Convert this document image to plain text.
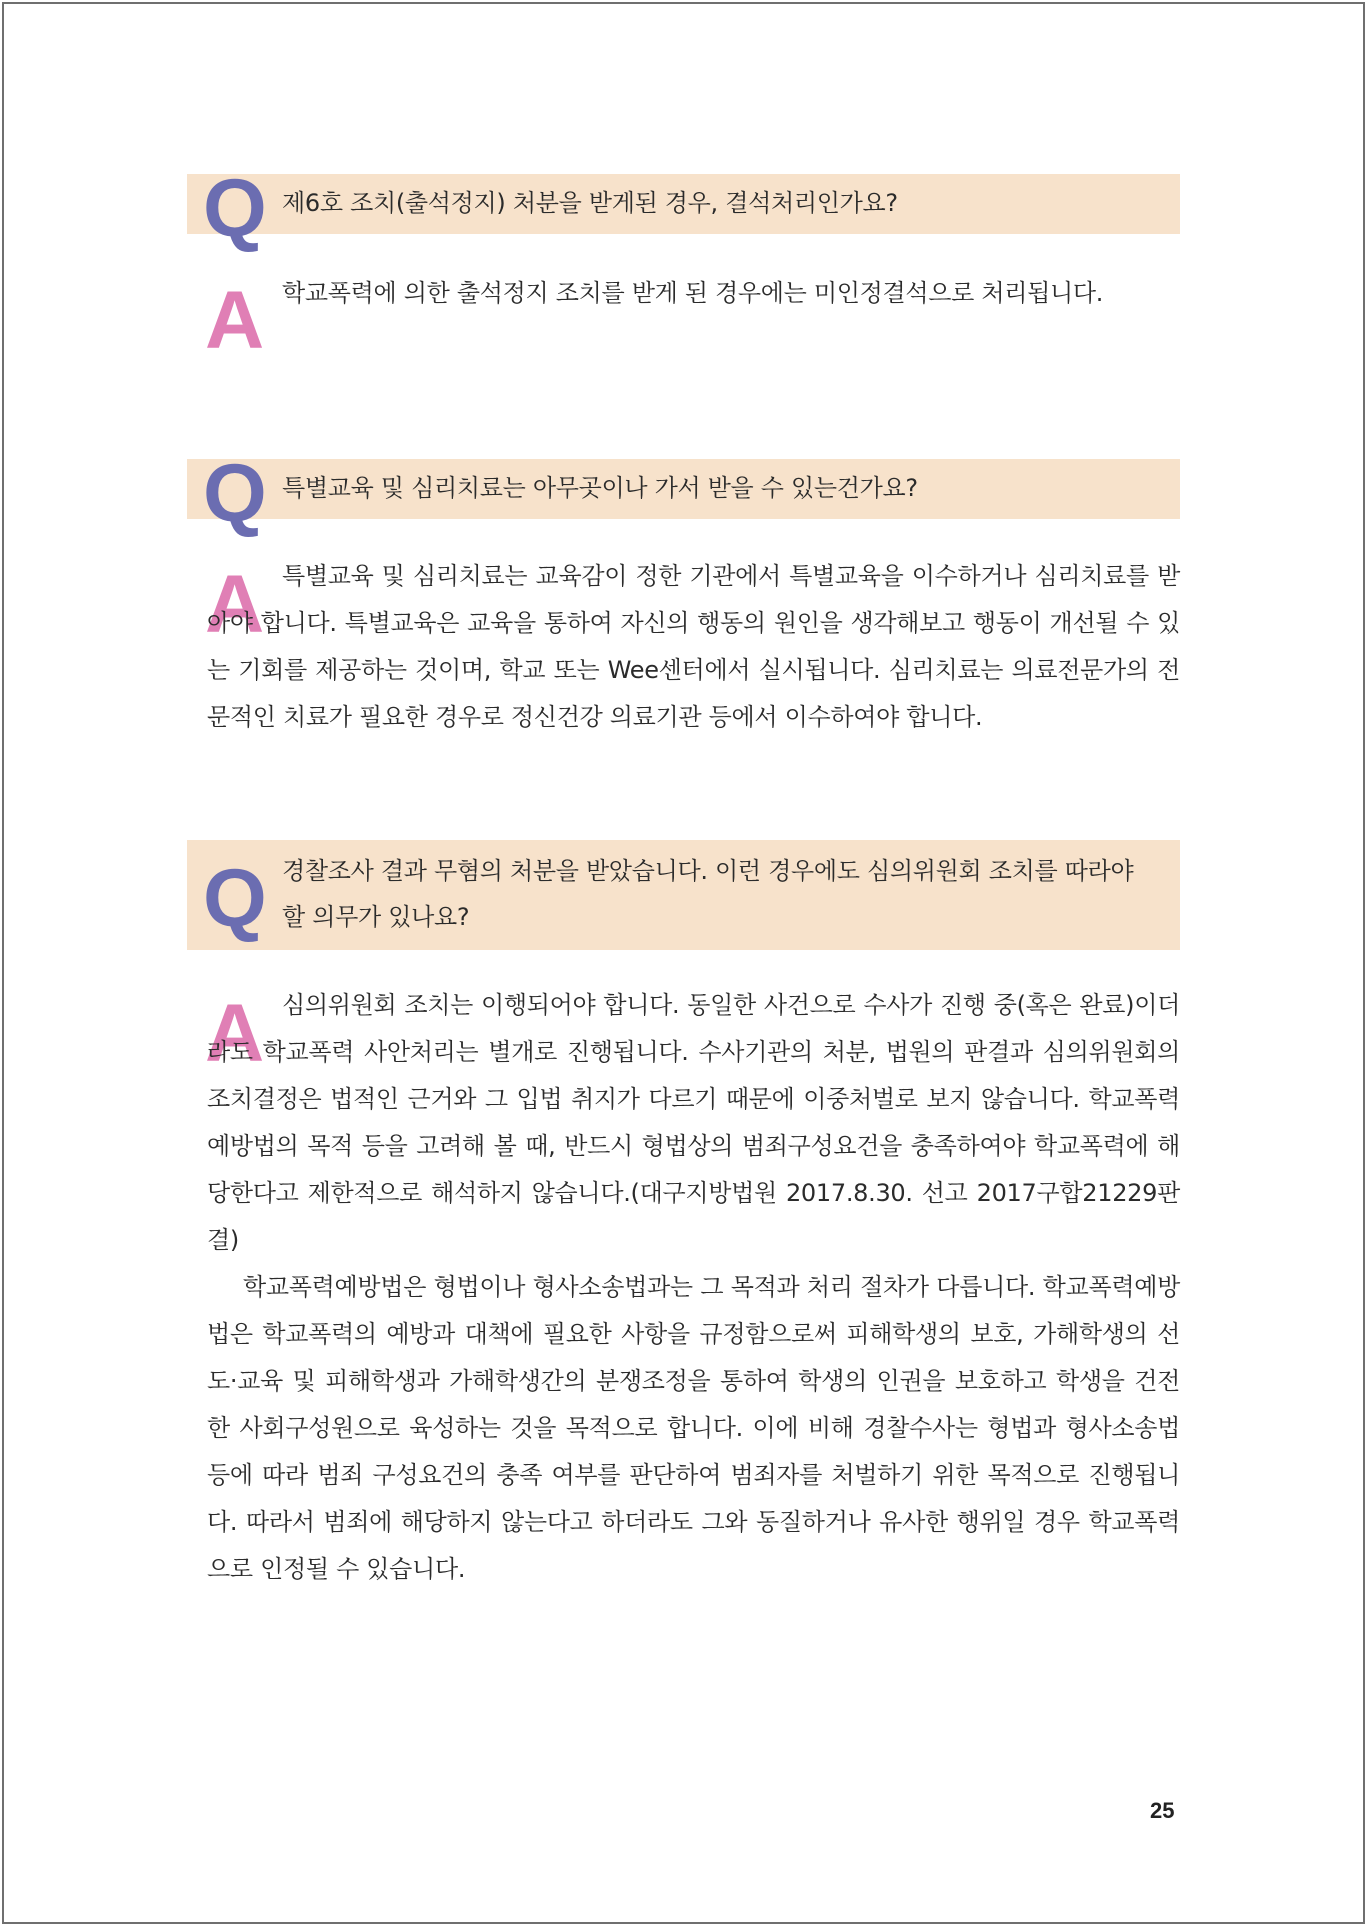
Q 제6호 조치(출석정지) 처분을 받게된 경우, 결석처리인가요?
A 학교폭력에 의한 출석정지 조치를 받게 된 경우에는 미인정결석으로 처리됩니다.

Q 특별교육 및 심리치료는 아무곳이나 가서 받을 수 있는건가요?
A 특별교육 및 심리치료는 교육감이 정한 기관에서 특별교육을 이수하거나 심리치료를 받아야 합니다. 특별교육은 교육을 통하여 자신의 행동의 원인을 생각해보고 행동이 개선될 수 있는 기회를 제공하는 것이며, 학교 또는 Wee센터에서 실시됩니다. 심리치료는 의료전문가의 전문적인 치료가 필요한 경우로 정신건강 의료기관 등에서 이수하여야 합니다.

Q 경찰조사 결과 무혐의 처분을 받았습니다. 이런 경우에도 심의위원회 조치를 따라야 할 의무가 있나요?
A 심의위원회 조치는 이행되어야 합니다. 동일한 사건으로 수사가 진행 중(혹은 완료)이더라도 학교폭력 사안처리는 별개로 진행됩니다. 수사기관의 처분, 법원의 판결과 심의위원회의 조치결정은 법적인 근거와 그 입법 취지가 다르기 때문에 이중처벌로 보지 않습니다. 학교폭력예방법의 목적 등을 고려해 볼 때, 반드시 형법상의 범죄구성요건을 충족하여야 학교폭력에 해당한다고 제한적으로 해석하지 않습니다.(대구지방법원 2017.8.30. 선고 2017구합21229판결)

학교폭력예방법은 형법이나 형사소송법과는 그 목적과 처리 절차가 다릅니다. 학교폭력예방법은 학교폭력의 예방과 대책에 필요한 사항을 규정함으로써 피해학생의 보호, 가해학생의 선도·교육 및 피해학생과 가해학생간의 분쟁조정을 통하여 학생의 인권을 보호하고 학생을 건전한 사회구성원으로 육성하는 것을 목적으로 합니다. 이에 비해 경찰수사는 형법과 형사소송법 등에 따라 범죄 구성요건의 충족 여부를 판단하여 범죄자를 처벌하기 위한 목적으로 진행됩니다. 따라서 범죄에 해당하지 않는다고 하더라도 그와 동질하거나 유사한 행위일 경우 학교폭력으로 인정될 수 있습니다.

25
